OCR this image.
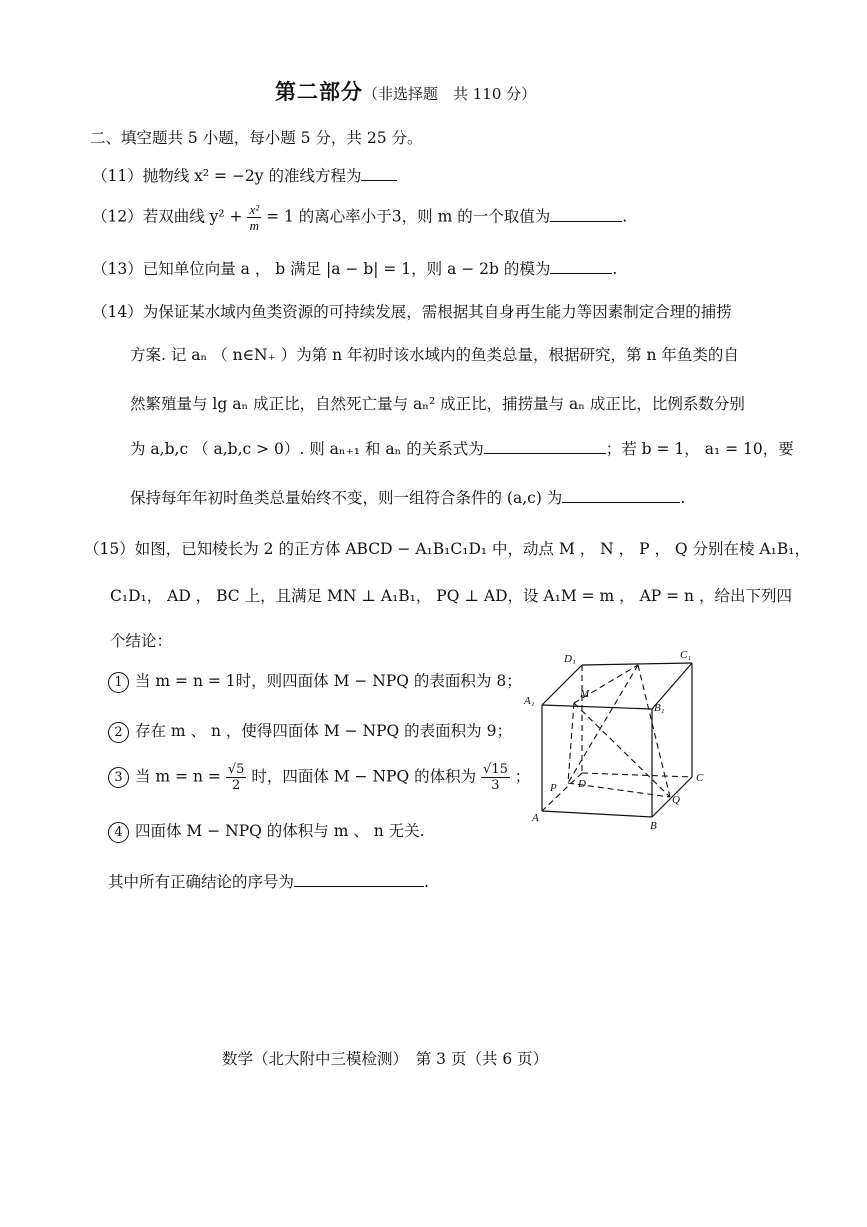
第二部分（非选择题　共 110 分）
二、填空题共 5 小题，每小题 5 分，共 25 分。
（11）抛物线 x² = −2y 的准线方程为
（12）若双曲线 $y^2 + \frac{\text{x²}}{m} = 1$ 的离心率小于3，则 m 的一个取值为	.
（13）已知单位向量 a ， b 满足 |a − b| = 1，则 a − 2b 的模为	.
（14）为保证某水域内鱼类资源的可持续发展，需根据其自身再生能力等因素制定合理的捕捞
方案. 记 aₙ （ n∈N₊ ）为第 n 年初时该水域内的鱼类总量，根据研究，第 n 年鱼类的自
然繁殖量与 lg aₙ 成正比，自然死亡量与 aₙ² 成正比，捕捞量与 aₙ 成正比，比例系数分别
为 a,b,c （ a,b,c > 0）. 则 aₙ₊₁ 和 aₙ 的关系式为	；若 b = 1， a₁ = 10，要
保持每年年初时鱼类总量始终不变，则一组符合条件的 (a,c) 为	.
（15）如图，已知棱长为 2 的正方体 ABCD − A₁B₁C₁D₁ 中，动点 M ， N ， P ， Q 分别在棱 A₁B₁，
C₁D₁， AD ， BC 上，且满足 MN ⊥ A₁B₁， PQ ⊥ AD，设 A₁M = m ， AP = n ，给出下列四
个结论：
1 当 m = n = 1时，则四面体 M − NPQ 的表面积为 8；
2 存在 m 、 n ，使得四面体 M − NPQ 的表面积为 9；
3 当 $m = n = \frac{√5}{2}$ 时，四面体 M − NPQ 的体积为 $\frac{√15}{3}$ ；
4 四面体 M − NPQ 的体积与 m 、 n 无关.
其中所有正确结论的序号为	.
D₁	C₁
A₁
B₁
M
P D	C
Q
A
B
数学（北大附中三模检测）　第 3 页（共 6 页）
